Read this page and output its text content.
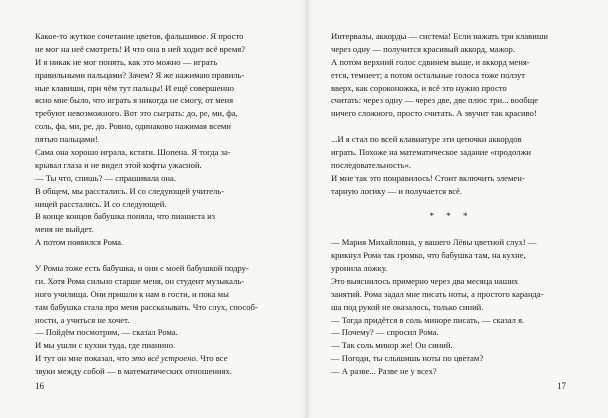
Какое-то жуткое сочетание цветов, фальшивое. Я просто
не мог на неё смотреть! И что она в ней ходит всё время?
И я никак не мог понять, как это можно — играть
правильными пальцами? Зачем? Я же нажимаю правиль-
ные клавиши, при чём тут пальцы! И ещё совершенно
ясно мне было, что играть я никогда не смогу, от меня
требуют невозможного. Вот это сыграть: до, ре, ми, фа,
соль, фа, ми, ре, до. Ровно, одинаково нажимая всеми
пятью пальцами!
Сама она хорошо играла, кстати. Шопена. Я тогда за-
крывал глаза и не видел этой кофты ужасной.
— Ты что, спишь? — спрашивала она.
В общем, мы расстались. И со следующей учитель-
ницей расстались. И со следующей.
В конце концов бабушка поняла, что пианиста из
меня не выйдет.
А потом появился Рома.
У Ромы тоже есть бабушка, и они с моей бабушкой подру-
ги. Хотя Рома сильно старше меня, он студент музыкаль-
ного училища. Они пришли к нам в гости, и пока мы
там бабушка стала про меня рассказывать. Что слух, способ-
ности, а учиться не хочет.
— Пойдём посмотрим, — сказал Рома.
И мы ушли с кухни туда, где пианино.
И тут он мне показал, что это всё устроено. Что все
звуки между собой — в математических отношениях.
Интервалы, аккорды — система! Если нажать три клавиши
через одну — получится красивый аккорд, мажор.
А потом верхний голос сдвинем выше, и аккорд меня-
ется, темнеет; а потом остальные голоса тоже ползут
вверх, как сороконожка, и всё это нужно просто
считать: через одну — через две, две плюс три... вообще
ничего сложного, просто считать. А звучит так красиво!
...И я стал по всей клавиатуре эти цепочки аккордов
играть. Похоже на математическое задание «продолжи
последовательность».
И мне так это понравилось! Стоит включить элемен-
тарную логику — и получается всё.
* * *
— Мария Михайловна, у вашего Лёвы цветной слух! —
крикнул Рома так громко, что бабушка там, на кухне,
уронила ложку.
Это выяснилось примерно через два месяца наших
занятий. Рома задал мне писать ноты, а простого каранда-
ша под рукой не оказалось, только синий.
— Тогда придётся в соль миноре писать, — сказал я.
— Почему? — спросил Рома.
— Так соль минор же! Он синий.
— Погоди, ты слышишь ноты по цветам?
— А разве... Разве не у всех?
16	17
